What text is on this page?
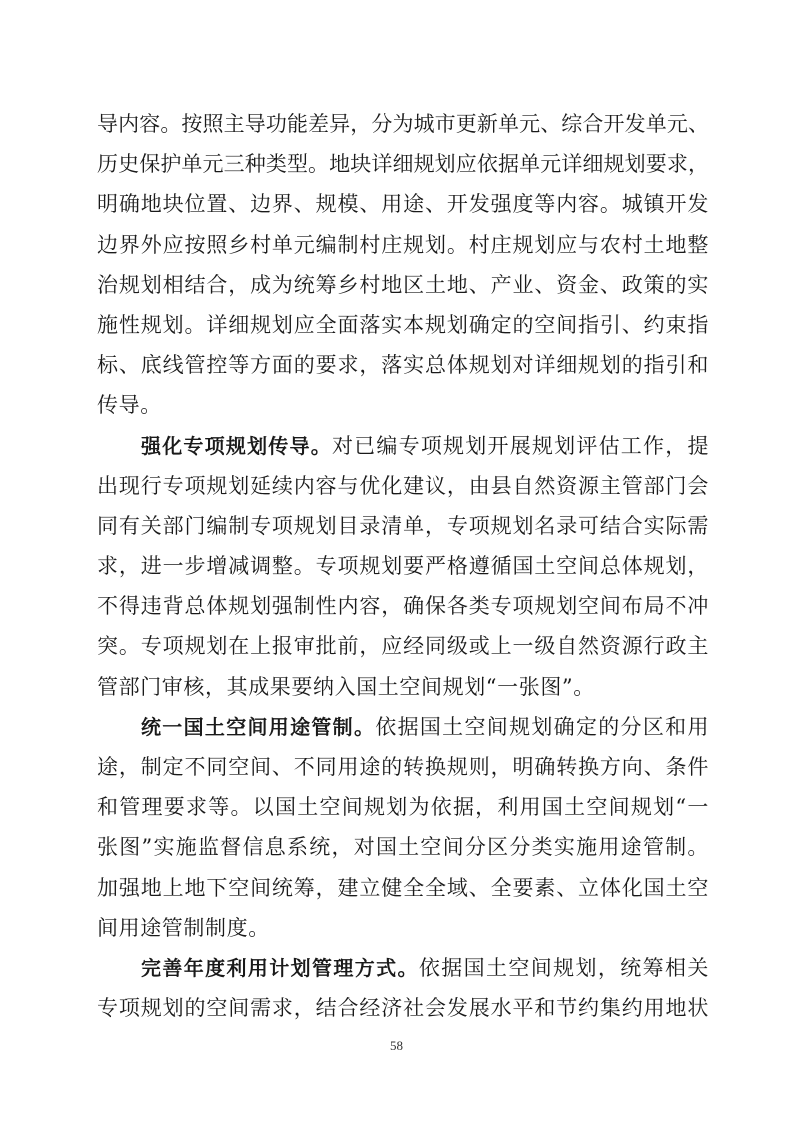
导内容。按照主导功能差异，分为城市更新单元、综合开发单元、
历史保护单元三种类型。地块详细规划应依据单元详细规划要求，
明确地块位置、边界、规模、用途、开发强度等内容。城镇开发
边界外应按照乡村单元编制村庄规划。村庄规划应与农村土地整
治规划相结合，成为统筹乡村地区土地、产业、资金、政策的实
施性规划。详细规划应全面落实本规划确定的空间指引、约束指
标、底线管控等方面的要求，落实总体规划对详细规划的指引和
传导。
强化专项规划传导。对已编专项规划开展规划评估工作，提
出现行专项规划延续内容与优化建议，由县自然资源主管部门会
同有关部门编制专项规划目录清单，专项规划名录可结合实际需
求，进一步增减调整。专项规划要严格遵循国土空间总体规划，
不得违背总体规划强制性内容，确保各类专项规划空间布局不冲
突。专项规划在上报审批前，应经同级或上一级自然资源行政主
管部门审核，其成果要纳入国土空间规划“一张图”。
统一国土空间用途管制。依据国土空间规划确定的分区和用
途，制定不同空间、不同用途的转换规则，明确转换方向、条件
和管理要求等。以国土空间规划为依据，利用国土空间规划“一
张图”实施监督信息系统，对国土空间分区分类实施用途管制。
加强地上地下空间统筹，建立健全全域、全要素、立体化国土空
间用途管制制度。
完善年度利用计划管理方式。依据国土空间规划，统筹相关
专项规划的空间需求，结合经济社会发展水平和节约集约用地状
58
